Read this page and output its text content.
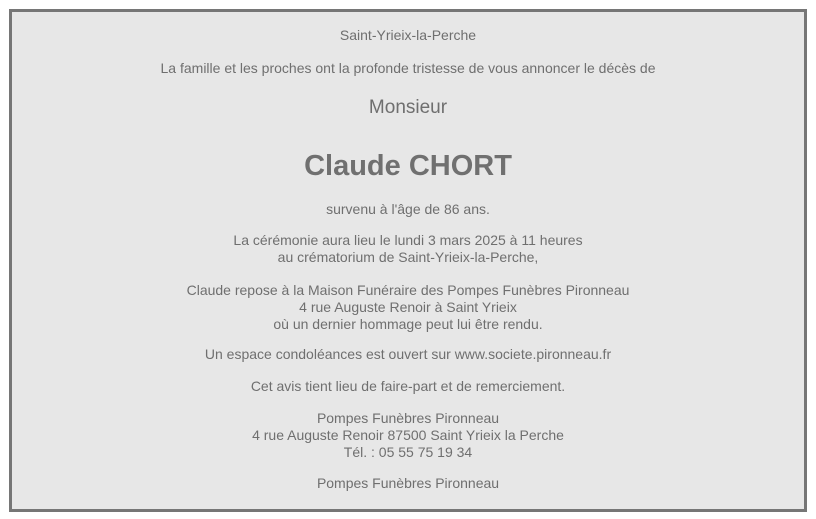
Saint-Yrieix-la-Perche
La famille et les proches ont la profonde tristesse de vous annoncer le décès de
Monsieur
Claude CHORT
survenu à l'âge de 86 ans.
La cérémonie aura lieu le lundi 3 mars 2025 à 11 heures
au crématorium de Saint-Yrieix-la-Perche,
Claude repose à la Maison Funéraire des Pompes Funèbres Pironneau
4 rue Auguste Renoir à Saint Yrieix
où un dernier hommage peut lui être rendu.
Un espace condoléances est ouvert sur www.societe.pironneau.fr
Cet avis tient lieu de faire-part et de remerciement.
Pompes Funèbres Pironneau
4 rue Auguste Renoir 87500 Saint Yrieix la Perche
Tél. : 05 55 75 19 34
Pompes Funèbres Pironneau
